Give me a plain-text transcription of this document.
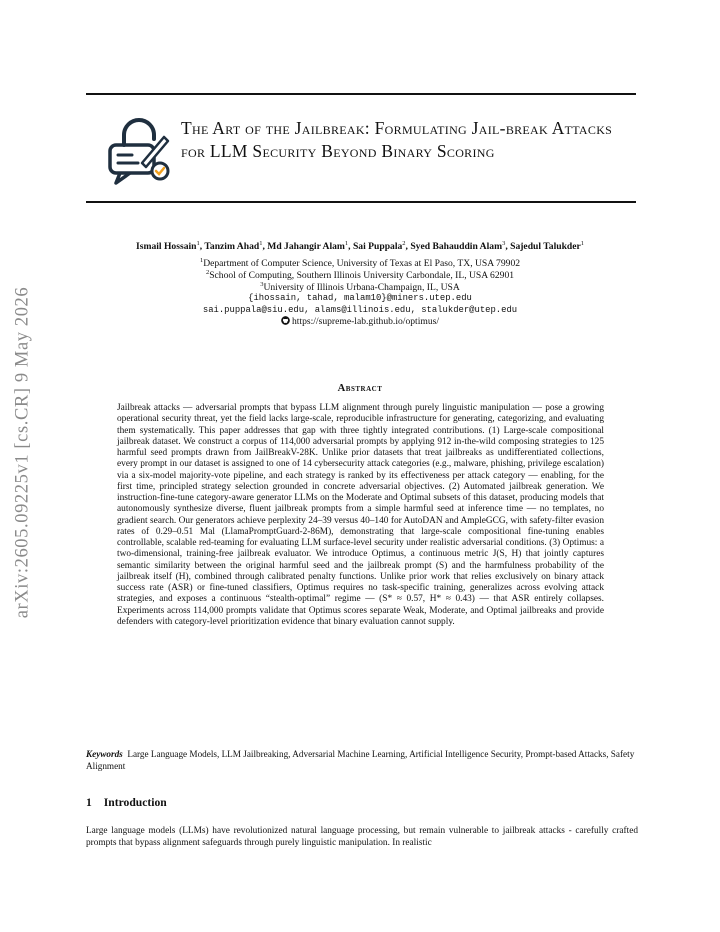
arXiv:2605.09225v1 [cs.CR] 9 May 2026
The Art of the Jailbreak: Formulating Jail-break Attacks for LLM Security Beyond Binary Scoring
Ismail Hossain$^1$, Tanzim Ahad$^1$, Md Jahangir Alam$^1$, Sai Puppala$^2$, Syed Bahauddin Alam$^3$, Sajedul Talukder$^1$
$^1$Department of Computer Science, University of Texas at El Paso, TX, USA 79902
$^2$School of Computing, Southern Illinois University Carbondale, IL, USA 62901
$^3$University of Illinois Urbana-Champaign, IL, USA
{ihossain, tahad, malam10}@miners.utep.edu
sai.puppala@siu.edu, alams@illinois.edu, stalukder@utep.edu
https://supreme-lab.github.io/optimus/
Abstract

Jailbreak attacks — adversarial prompts that bypass LLM alignment through purely linguistic manipulation — pose a growing operational security threat, yet the field lacks large-scale, reproducible infrastructure for generating, categorizing, and evaluating them systematically. This paper addresses that gap with three tightly integrated contributions. (1) Large-scale compositional jailbreak dataset. We construct a corpus of 114,000 adversarial prompts by applying 912 in-the-wild composing strategies to 125 harmful seed prompts drawn from JailBreakV-28K. Unlike prior datasets that treat jailbreaks as undifferentiated collections, every prompt in our dataset is assigned to one of 14 cybersecurity attack categories (e.g., malware, phishing, privilege escalation) via a six-model majority-vote pipeline, and each strategy is ranked by its effectiveness per attack category — enabling, for the first time, principled strategy selection grounded in concrete adversarial objectives. (2) Automated jailbreak generation. We instruction-fine-tune category-aware generator LLMs on the Moderate and Optimal subsets of this dataset, producing models that autonomously synthesize diverse, fluent jailbreak prompts from a simple harmful seed at inference time — no templates, no gradient search. Our generators achieve perplexity 24–39 versus 40–140 for AutoDAN and AmpleGCG, with safety-filter evasion rates of 0.29–0.51 Mal (LlamaPromptGuard-2-86M), demonstrating that large-scale compositional fine-tuning enables controllable, scalable red-teaming for evaluating LLM surface-level security under realistic adversarial conditions. (3) Optimus: a two-dimensional, training-free jailbreak evaluator. We introduce Optimus, a continuous metric J(S, H) that jointly captures semantic similarity between the original harmful seed and the jailbreak prompt (S) and the harmfulness probability of the jailbreak itself (H), combined through calibrated penalty functions. Unlike prior work that relies exclusively on binary attack success rate (ASR) or fine-tuned classifiers, Optimus requires no task-specific training, generalizes across evolving attack strategies, and exposes a continuous “stealth-optimal” regime — (S* ≈ 0.57, H* ≈ 0.43) — that ASR entirely collapses. Experiments across 114,000 prompts validate that Optimus scores separate Weak, Moderate, and Optimal jailbreaks and provide defenders with category-level prioritization evidence that binary evaluation cannot supply.

Keywords Large Language Models, LLM Jailbreaking, Adversarial Machine Learning, Artificial Intelligence Security, Prompt-based Attacks, Safety Alignment

1 Introduction

Large language models (LLMs) have revolutionized natural language processing, but remain vulnerable to jailbreak attacks - carefully crafted prompts that bypass alignment safeguards through purely linguistic manipulation. In realistic
